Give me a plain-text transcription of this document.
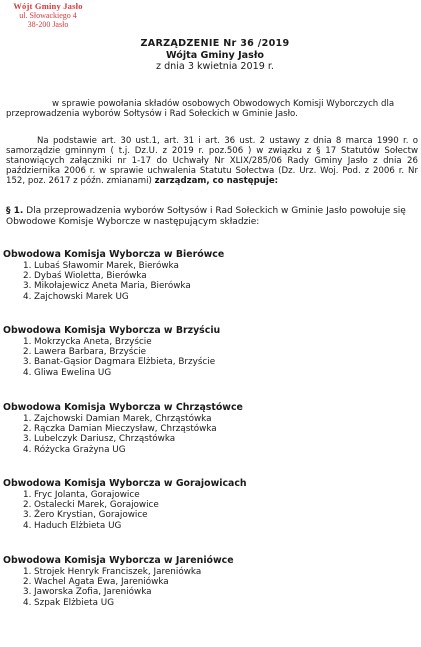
Wójt Gminy Jasło
ul. Słowackiego 4
38-200 Jasło
ZARZĄDZENIE Nr 36 /2019
Wójta Gminy Jasło
z dnia 3 kwietnia 2019 r.
w sprawie powołania składów osobowych Obwodowych Komisji Wyborczych dla przeprowadzenia wyborów Sołtysów i Rad Sołeckich w Gminie Jasło.
Na podstawie art. 30 ust.1, art. 31 i art. 36 ust. 2 ustawy z dnia 8 marca 1990 r. o samorządzie gminnym ( t.j. Dz.U. z 2019 r. poz.506 ) w związku z § 17 Statutów Sołectw stanowiących załączniki nr 1-17 do Uchwały Nr XLIX/285/06 Rady Gminy Jasło z dnia 26 października 2006 r. w sprawie uchwalenia Statutu Sołectwa (Dz. Urz. Woj. Pod. z 2006 r. Nr 152, poz. 2617 z późn. zmianami) zarządzam, co następuje:
§ 1. Dla przeprowadzenia wyborów Sołtysów i Rad Sołeckich w Gminie Jasło powołuje się Obwodowe Komisje Wyborcze w następującym składzie:
Obwodowa Komisja Wyborcza w Bierówce
1. Lubaś Sławomir Marek, Bierówka
2. Dybaś Wioletta, Bierówka
3. Mikołajewicz Aneta Maria, Bierówka
4. Zajchowski Marek UG
Obwodowa Komisja Wyborcza w Brzyściu
1. Mokrzycka Aneta, Brzyście
2. Lawera Barbara, Brzyście
3. Banat-Gąsior Dagmara Elżbieta, Brzyście
4. Gliwa Ewelina UG
Obwodowa Komisja Wyborcza w Chrząstówce
1. Zajchowski Damian Marek, Chrząstówka
2. Rączka Damian Mieczysław, Chrząstówka
3. Lubelczyk Dariusz, Chrząstówka
4. Różycka Grażyna UG
Obwodowa Komisja Wyborcza w Gorajowicach
1. Fryc Jolanta, Gorajowice
2. Ostalecki Marek, Gorajowice
3. Żero Krystian, Gorajowice
4. Haduch Elżbieta UG
Obwodowa Komisja Wyborcza w Jareniówce
1. Strojek Henryk Franciszek, Jareniówka
2. Wachel Agata Ewa, Jareniówka
3. Jaworska Zofia, Jareniówka
4. Szpak Elżbieta UG
